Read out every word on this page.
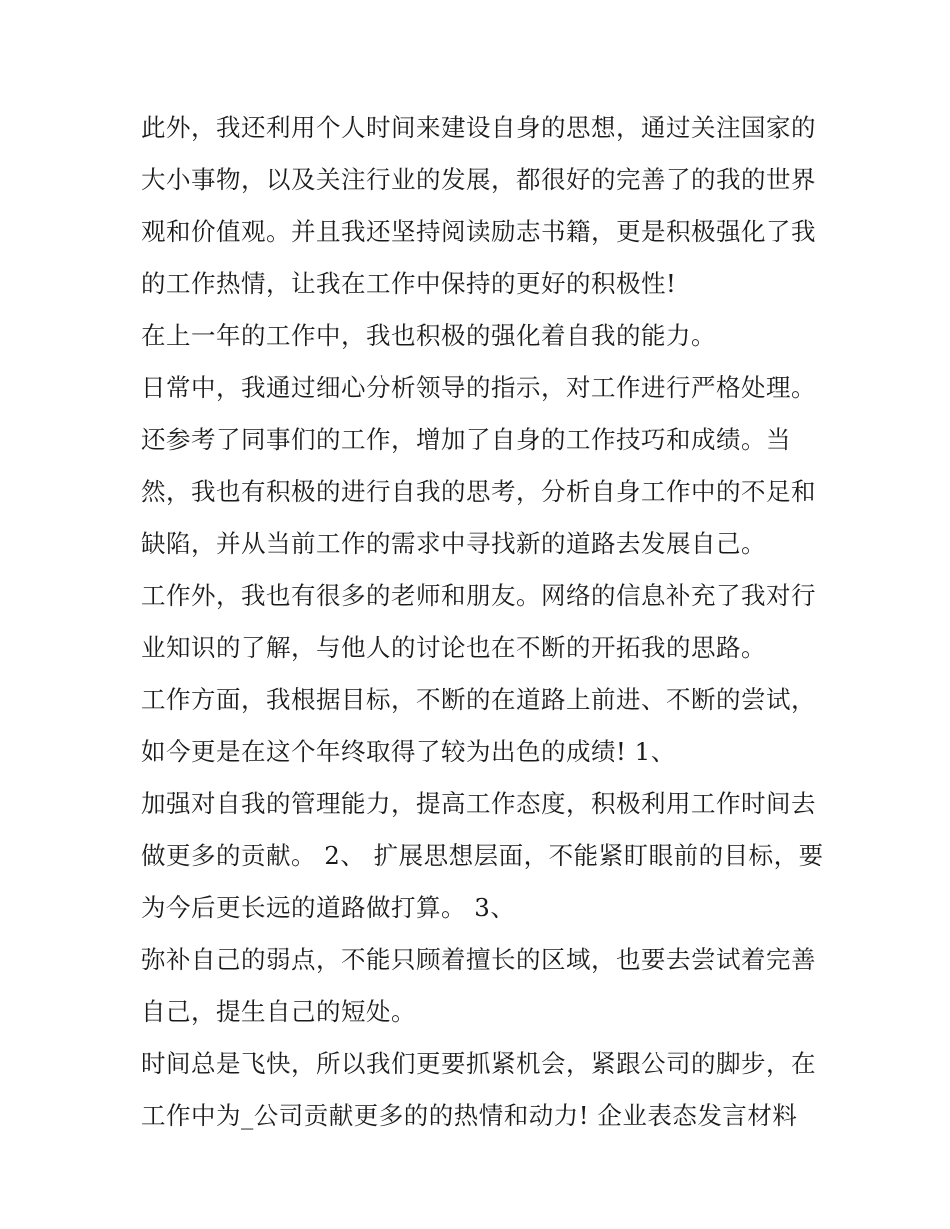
此外，我还利用个人时间来建设自身的思想，通过关注国家的
大小事物，以及关注行业的发展，都很好的完善了的我的世界
观和价值观。并且我还坚持阅读励志书籍，更是积极强化了我
的工作热情，让我在工作中保持的更好的积极性!
在上一年的工作中，我也积极的强化着自我的能力。
日常中，我通过细心分析领导的指示，对工作进行严格处理。
还参考了同事们的工作，增加了自身的工作技巧和成绩。当
然，我也有积极的进行自我的思考，分析自身工作中的不足和
缺陷，并从当前工作的需求中寻找新的道路去发展自己。
工作外，我也有很多的老师和朋友。网络的信息补充了我对行
业知识的了解，与他人的讨论也在不断的开拓我的思路。
工作方面，我根据目标，不断的在道路上前进、不断的尝试，
如今更是在这个年终取得了较为出色的成绩! 1、
加强对自我的管理能力，提高工作态度，积极利用工作时间去
做更多的贡献。 2、 扩展思想层面，不能紧盯眼前的目标，要
为今后更长远的道路做打算。 3、
弥补自己的弱点，不能只顾着擅长的区域，也要去尝试着完善
自己，提生自己的短处。
时间总是飞快，所以我们更要抓紧机会，紧跟公司的脚步，在
工作中为_公司贡献更多的的热情和动力! 企业表态发言材料
